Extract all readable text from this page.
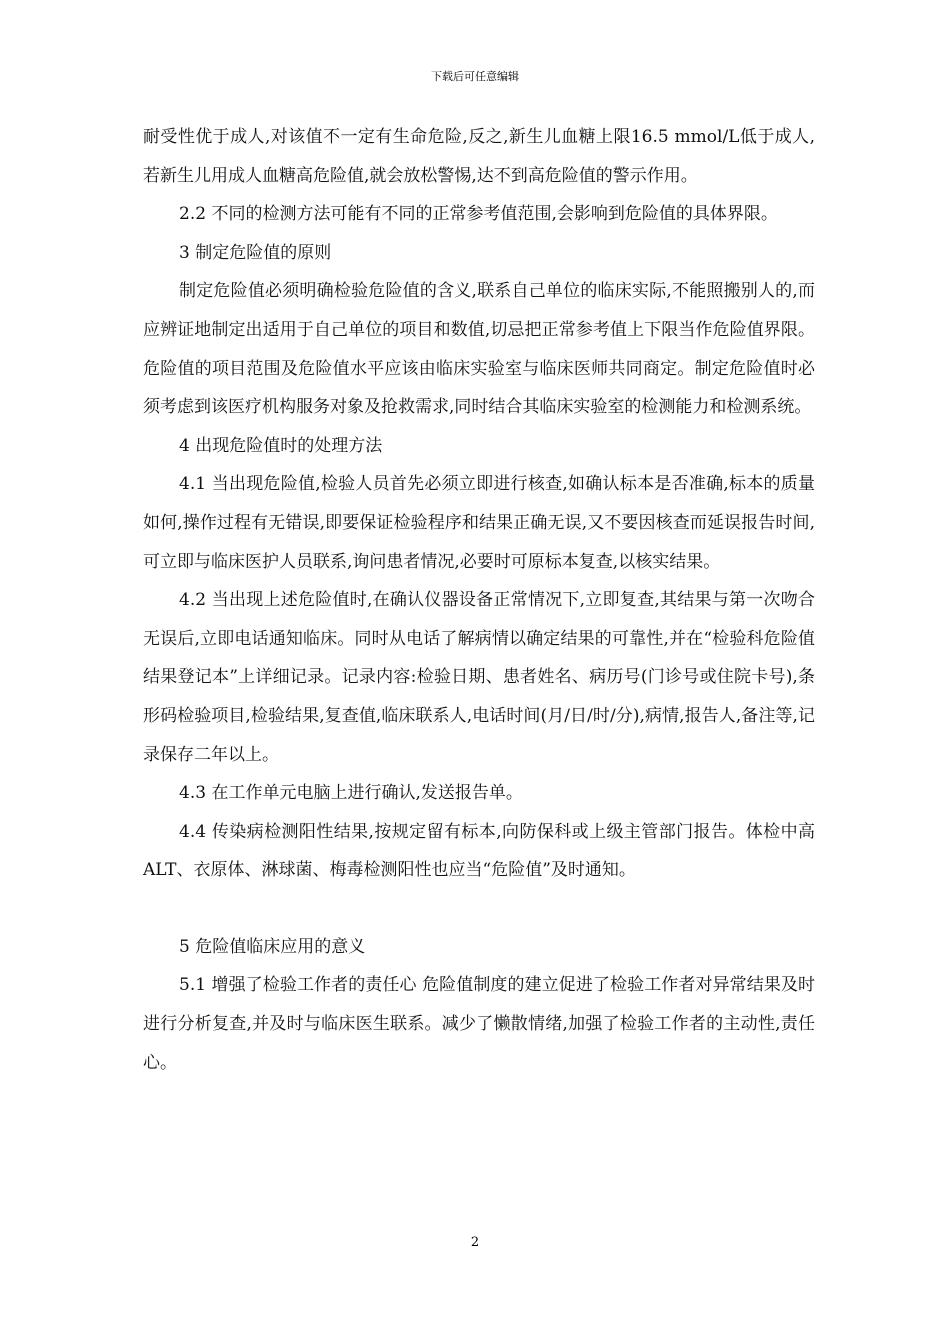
下载后可任意编辑

耐受性优于成人,对该值不一定有生命危险,反之,新生儿血糖上限16.5 mmol/L低于成人,若新生儿用成人血糖高危险值,就会放松警惕,达不到高危险值的警示作用。

2.2 不同的检测方法可能有不同的正常参考值范围,会影响到危险值的具体界限。

3 制定危险值的原则

制定危险值必须明确检验危险值的含义,联系自己单位的临床实际,不能照搬别人的,而应辨证地制定出适用于自己单位的项目和数值,切忌把正常参考值上下限当作危险值界限。危险值的项目范围及危险值水平应该由临床实验室与临床医师共同商定。制定危险值时必须考虑到该医疗机构服务对象及抢救需求,同时结合其临床实验室的检测能力和检测系统。

4 出现危险值时的处理方法

4.1 当出现危险值,检验人员首先必须立即进行核查,如确认标本是否准确,标本的质量如何,操作过程有无错误,即要保证检验程序和结果正确无误,又不要因核查而延误报告时间,可立即与临床医护人员联系,询问患者情况,必要时可原标本复查,以核实结果。

4.2 当出现上述危险值时,在确认仪器设备正常情况下,立即复查,其结果与第一次吻合无误后,立即电话通知临床。同时从电话了解病情以确定结果的可靠性,并在“检验科危险值结果登记本”上详细记录。记录内容:检验日期、患者姓名、病历号(门诊号或住院卡号),条形码检验项目,检验结果,复查值,临床联系人,电话时间(月/日/时/分),病情,报告人,备注等,记录保存二年以上。

4.3 在工作单元电脑上进行确认,发送报告单。

4.4 传染病检测阳性结果,按规定留有标本,向防保科或上级主管部门报告。体检中高ALT、衣原体、淋球菌、梅毒检测阳性也应当“危险值”及时通知。

5 危险值临床应用的意义

5.1 增强了检验工作者的责任心 危险值制度的建立促进了检验工作者对异常结果及时进行分析复查,并及时与临床医生联系。减少了懒散情绪,加强了检验工作者的主动性,责任心。

2
